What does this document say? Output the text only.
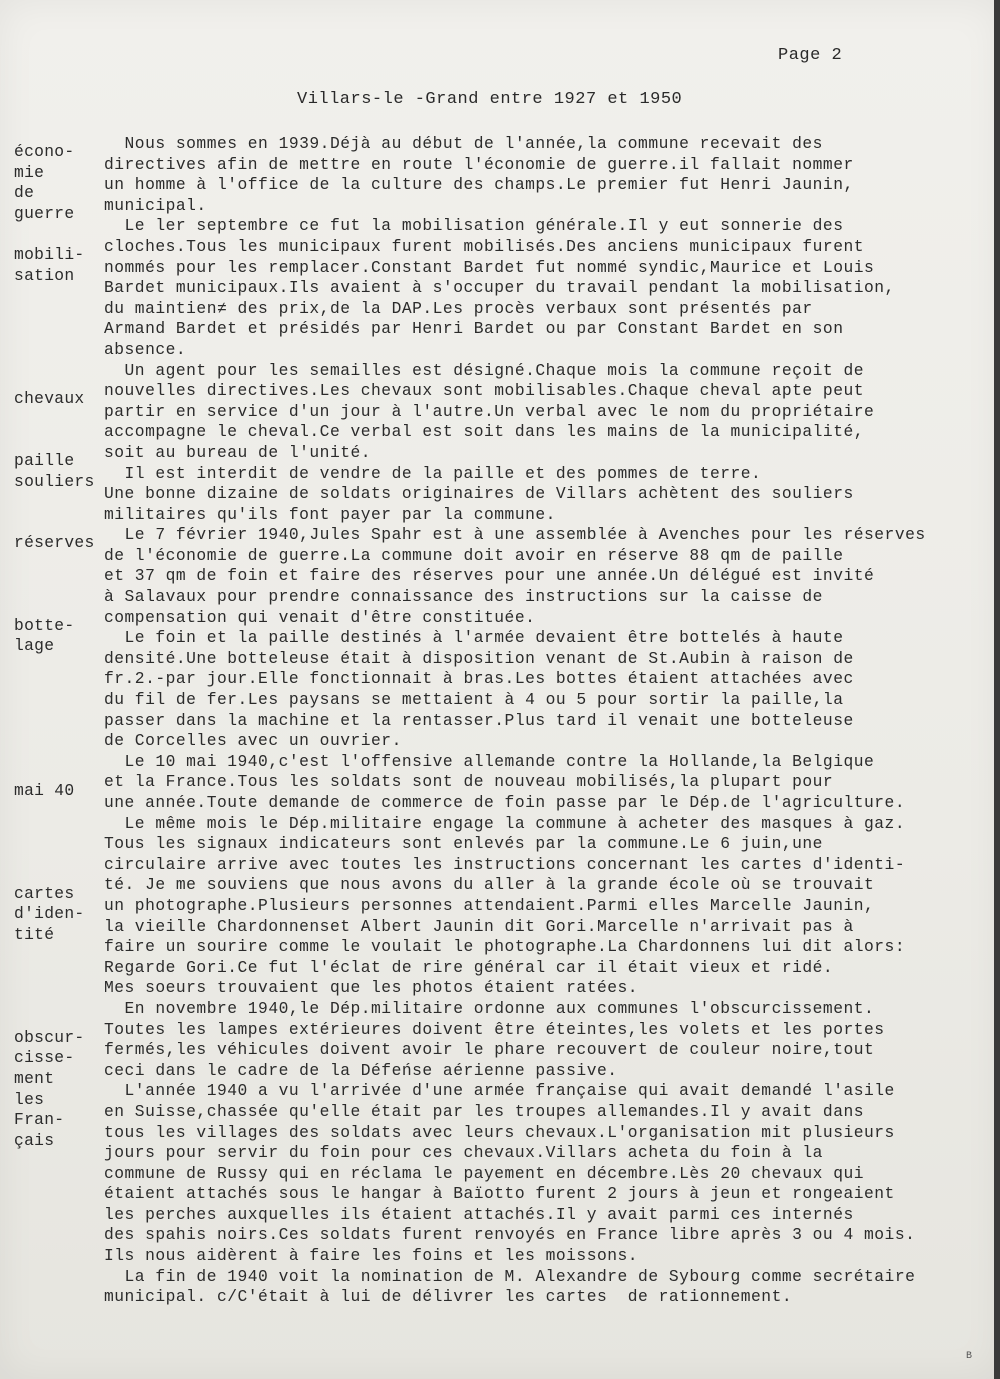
Page 2
Villars-le -Grand entre 1927 et 1950
Nous sommes en 1939.Déjà au début de l'année,la commune recevait des
directives afin de mettre en route l'économie de guerre.il fallait nommer
un homme à l'office de la culture des champs.Le premier fut Henri Jaunin,
municipal.
Le ler septembre ce fut la mobilisation générale.Il y eut sonnerie des
cloches.Tous les municipaux furent mobilisés.Des anciens municipaux furent
nommés pour les remplacer.Constant Bardet fut nommé syndic,Maurice et Louis
Bardet municipaux.Ils avaient à s'occuper du travail pendant la mobilisation,
du maintien≠ des prix,de la DAP.Les procès verbaux sont présentés par
Armand Bardet et présidés par Henri Bardet ou par Constant Bardet en son
absence.
Un agent pour les semailles est désigné.Chaque mois la commune reçoit de
nouvelles directives.Les chevaux sont mobilisables.Chaque cheval apte peut
partir en service d'un jour à l'autre.Un verbal avec le nom du propriétaire
accompagne le cheval.Ce verbal est soit dans les mains de la municipalité,
soit au bureau de l'unité.
Il est interdit de vendre de la paille et des pommes de terre.
Une bonne dizaine de soldats originaires de Villars achètent des souliers
militaires qu'ils font payer par la commune.
Le 7 février 1940,Jules Spahr est à une assemblée à Avenches pour les réserves
de l'économie de guerre.La commune doit avoir en réserve 88 qm de paille
et 37 qm de foin et faire des réserves pour une année.Un délégué est invité
à Salavaux pour prendre connaissance des instructions sur la caisse de
compensation qui venait d'être constituée.
Le foin et la paille destinés à l'armée devaient être bottelés à haute
densité.Une botteleuse était à disposition venant de St.Aubin à raison de
fr.2.-par jour.Elle fonctionnait à bras.Les bottes étaient attachées avec
du fil de fer.Les paysans se mettaient à 4 ou 5 pour sortir la paille,la
passer dans la machine et la rentasser.Plus tard il venait une botteleuse
de Corcelles avec un ouvrier.
Le 10 mai 1940,c'est l'offensive allemande contre la Hollande,la Belgique
et la France.Tous les soldats sont de nouveau mobilisés,la plupart pour
une année.Toute demande de commerce de foin passe par le Dép.de l'agriculture.
Le même mois le Dép.militaire engage la commune à acheter des masques à gaz.
Tous les signaux indicateurs sont enlevés par la commune.Le 6 juin,une
circulaire arrive avec toutes les instructions concernant les cartes d'identi-
té. Je me souviens que nous avons du aller à la grande école où se trouvait
un photographe.Plusieurs personnes attendaient.Parmi elles Marcelle Jaunin,
la vieille Chardonnenset Albert Jaunin dit Gori.Marcelle n'arrivait pas à
faire un sourire comme le voulait le photographe.La Chardonnens lui dit alors:
Regarde Gori.Ce fut l'éclat de rire général car il était vieux et ridé.
Mes soeurs trouvaient que les photos étaient ratées.
En novembre 1940,le Dép.militaire ordonne aux communes l'obscurcissement.
Toutes les lampes extérieures doivent être éteintes,les volets et les portes
fermés,les véhicules doivent avoir le phare recouvert de couleur noire,tout
ceci dans le cadre de la Défeńse aérienne passive.
L'année 1940 a vu l'arrivée d'une armée française qui avait demandé l'asile
en Suisse,chassée qu'elle était par les troupes allemandes.Il y avait dans
tous les villages des soldats avec leurs chevaux.L'organisation mit plusieurs
jours pour servir du foin pour ces chevaux.Villars acheta du foin à la
commune de Russy qui en réclama le payement en décembre.Lès 20 chevaux qui
étaient attachés sous le hangar à Baïotto furent 2 jours à jeun et rongeaient
les perches auxquelles ils étaient attachés.Il y avait parmi ces internés
des spahis noirs.Ces soldats furent renvoyés en France libre après 3 ou 4 mois.
Ils nous aidèrent à faire les foins et les moissons.
La fin de 1940 voit la nomination de M. Alexandre de Sybourg comme secrétaire
municipal. c/C'était à lui de délivrer les cartes  de rationnement.
écono-
mie
de
guerre
mobili-
sation
chevaux
paille
souliers
réserves
botte-
lage
mai 40
cartes
d'iden-
tité
obscur-
cisse-
ment
les
Fran-
çais
B
